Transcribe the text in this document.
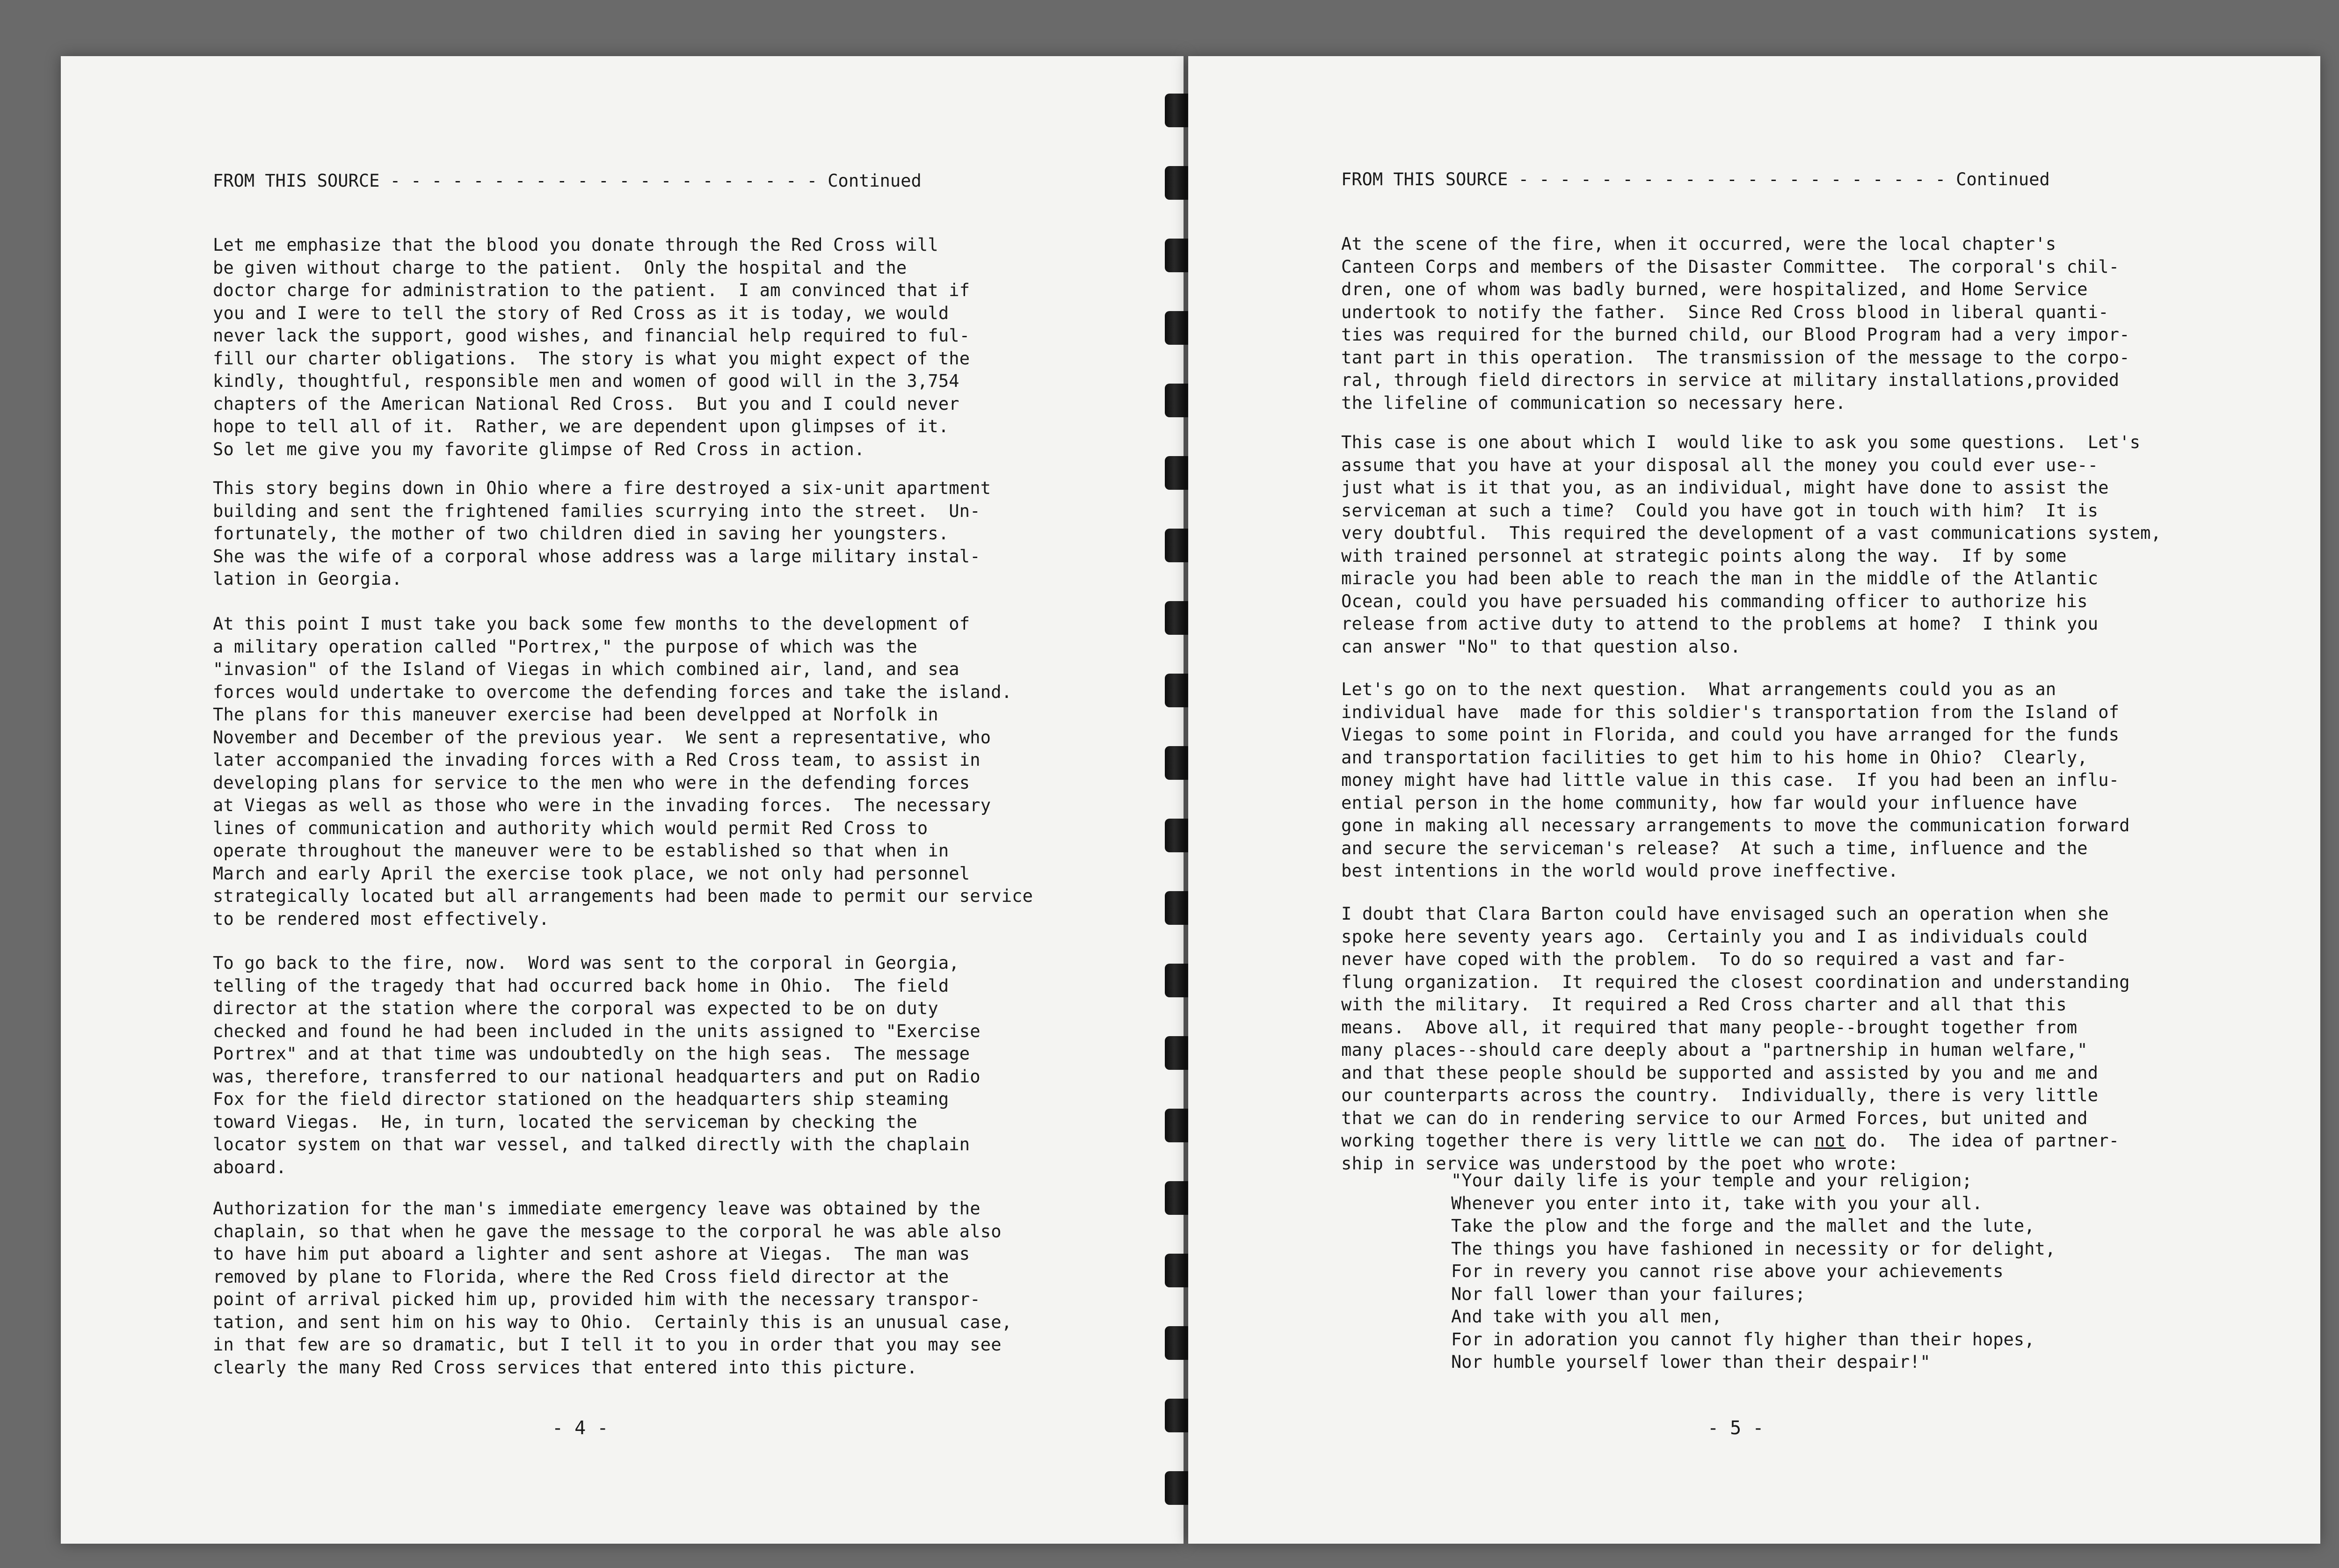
FROM THIS SOURCE - - - - - - - - - - - - - - - - - - - - - Continued
Let me emphasize that the blood you donate through the Red Cross will
be given without charge to the patient.  Only the hospital and the
doctor charge for administration to the patient.  I am convinced that if
you and I were to tell the story of Red Cross as it is today, we would
never lack the support, good wishes, and financial help required to ful-
fill our charter obligations.  The story is what you might expect of the
kindly, thoughtful, responsible men and women of good will in the 3,754
chapters of the American National Red Cross.  But you and I could never
hope to tell all of it.  Rather, we are dependent upon glimpses of it.
So let me give you my favorite glimpse of Red Cross in action.
This story begins down in Ohio where a fire destroyed a six-unit apartment
building and sent the frightened families scurrying into the street.  Un-
fortunately, the mother of two children died in saving her youngsters.
She was the wife of a corporal whose address was a large military instal-
lation in Georgia.
At this point I must take you back some few months to the development of
a military operation called "Portrex," the purpose of which was the
"invasion" of the Island of Viegas in which combined air, land, and sea
forces would undertake to overcome the defending forces and take the island.
The plans for this maneuver exercise had been develpped at Norfolk in
November and December of the previous year.  We sent a representative, who
later accompanied the invading forces with a Red Cross team, to assist in
developing plans for service to the men who were in the defending forces
at Viegas as well as those who were in the invading forces.  The necessary
lines of communication and authority which would permit Red Cross to
operate throughout the maneuver were to be established so that when in
March and early April the exercise took place, we not only had personnel
strategically located but all arrangements had been made to permit our service
to be rendered most effectively.
To go back to the fire, now.  Word was sent to the corporal in Georgia,
telling of the tragedy that had occurred back home in Ohio.  The field
director at the station where the corporal was expected to be on duty
checked and found he had been included in the units assigned to "Exercise
Portrex" and at that time was undoubtedly on the high seas.  The message
was, therefore, transferred to our national headquarters and put on Radio
Fox for the field director stationed on the headquarters ship steaming
toward Viegas.  He, in turn, located the serviceman by checking the
locator system on that war vessel, and talked directly with the chaplain
aboard.
Authorization for the man's immediate emergency leave was obtained by the
chaplain, so that when he gave the message to the corporal he was able also
to have him put aboard a lighter and sent ashore at Viegas.  The man was
removed by plane to Florida, where the Red Cross field director at the
point of arrival picked him up, provided him with the necessary transpor-
tation, and sent him on his way to Ohio.  Certainly this is an unusual case,
in that few are so dramatic, but I tell it to you in order that you may see
clearly the many Red Cross services that entered into this picture.
- 4 -
FROM THIS SOURCE - - - - - - - - - - - - - - - - - - - - - Continued
At the scene of the fire, when it occurred, were the local chapter's
Canteen Corps and members of the Disaster Committee.  The corporal's chil-
dren, one of whom was badly burned, were hospitalized, and Home Service
undertook to notify the father.  Since Red Cross blood in liberal quanti-
ties was required for the burned child, our Blood Program had a very impor-
tant part in this operation.  The transmission of the message to the corpo-
ral, through field directors in service at military installations,provided
the lifeline of communication so necessary here.
This case is one about which I  would like to ask you some questions.  Let's
assume that you have at your disposal all the money you could ever use--
just what is it that you, as an individual, might have done to assist the
serviceman at such a time?  Could you have got in touch with him?  It is
very doubtful.  This required the development of a vast communications system,
with trained personnel at strategic points along the way.  If by some
miracle you had been able to reach the man in the middle of the Atlantic
Ocean, could you have persuaded his commanding officer to authorize his
release from active duty to attend to the problems at home?  I think you
can answer "No" to that question also.
Let's go on to the next question.  What arrangements could you as an
individual have  made for this soldier's transportation from the Island of
Viegas to some point in Florida, and could you have arranged for the funds
and transportation facilities to get him to his home in Ohio?  Clearly,
money might have had little value in this case.  If you had been an influ-
ential person in the home community, how far would your influence have
gone in making all necessary arrangements to move the communication forward
and secure the serviceman's release?  At such a time, influence and the
best intentions in the world would prove ineffective.
I doubt that Clara Barton could have envisaged such an operation when she
spoke here seventy years ago.  Certainly you and I as individuals could
never have coped with the problem.  To do so required a vast and far-
flung organization.  It required the closest coordination and understanding
with the military.  It required a Red Cross charter and all that this
means.  Above all, it required that many people--brought together from
many places--should care deeply about a "partnership in human welfare,"
and that these people should be supported and assisted by you and me and
our counterparts across the country.  Individually, there is very little
that we can do in rendering service to our Armed Forces, but united and
working together there is very little we can not do.  The idea of partner-
ship in service was understood by the poet who wrote:
"Your daily life is your temple and your religion;
Whenever you enter into it, take with you your all.
Take the plow and the forge and the mallet and the lute,
The things you have fashioned in necessity or for delight,
For in revery you cannot rise above your achievements
Nor fall lower than your failures;
And take with you all men,
For in adoration you cannot fly higher than their hopes,
Nor humble yourself lower than their despair!"
- 5 -
